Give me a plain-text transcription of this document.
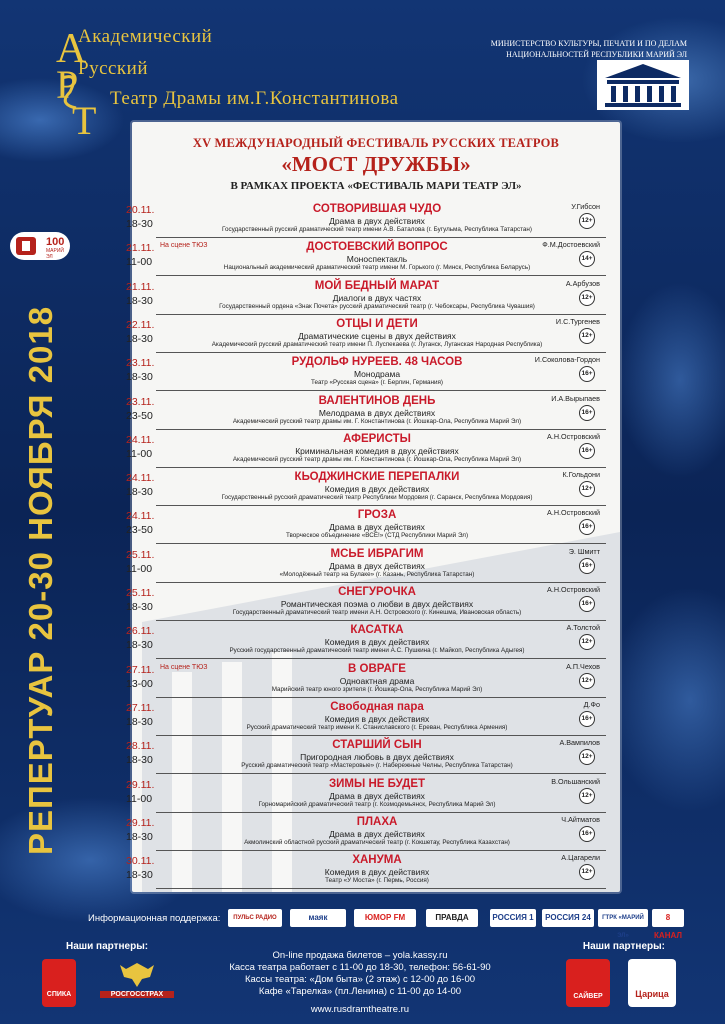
А
Р
Т
Академический
Русский
Театр Драмы им.Г.Константинова
МИНИСТЕРСТВО КУЛЬТУРЫ, ПЕЧАТИ И ПО ДЕЛАМ НАЦИОНАЛЬНОСТЕЙ РЕСПУБЛИКИ МАРИЙ ЭЛ
100
МАРИЙ ЭЛ
РЕПЕРТУАР 20-30 НОЯБРЯ 2018
XV МЕЖДУНАРОДНЫЙ ФЕСТИВАЛЬ РУССКИХ ТЕАТРОВ
«МОСТ ДРУЖБЫ»
В РАМКАХ ПРОЕКТА «ФЕСТИВАЛЬ МАРИ ТЕАТР ЭЛ»
20.11.
18-30
СОТВОРИВШАЯ ЧУДО
Драма в двух действиях
Государственный русский драматический театр имени А.В. Баталова (г. Бугульма, Республика Татарстан)
У.Гибсон
12+
21.11.
11-00
На сцене ТЮЗ	ДОСТОЕВСКИЙ ВОПРОС
Моноспектакль
Национальный академический драматический театр имени М. Горького (г. Минск, Республика Беларусь)
Ф.М.Достоевский
14+
21.11.
18-30
МОЙ БЕДНЫЙ МАРАТ
Диалоги в двух частях
Государственный ордена «Знак Почета» русский драматический театр (г. Чебоксары, Республика Чувашия)
А.Арбузов
12+
22.11.
18-30
ОТЦЫ И ДЕТИ
Драматические сцены в двух действиях
Академический русский драматический театр имени П. Луспекаева (г. Луганск, Луганская Народная Республика)
И.С.Тургенев
12+
23.11.
18-30
РУДОЛЬФ НУРЕЕВ. 48 ЧАСОВ
Монодрама
Театр «Русская сцена» (г. Берлин, Германия)
И.Соколова-Гордон
16+
23.11.
23-50
ВАЛЕНТИНОВ ДЕНЬ
Мелодрама в двух действиях
Академический русский театр драмы им. Г. Константинова (г. Йошкар-Ола, Республика Марий Эл)
И.А.Вырыпаев
16+
24.11.
11-00
АФЕРИСТЫ
Криминальная комедия в двух действиях
Академический русский театр драмы им. Г. Константинова (г. Йошкар-Ола, Республика Марий Эл)
А.Н.Островский
16+
24.11.
18-30
КЬОДЖИНСКИЕ ПЕРЕПАЛКИ
Комедия в двух действиях
Государственный русский драматический театр Республики Мордовия (г. Саранск, Республика Мордовия)
К.Гольдони
12+
24.11.
23-50
ГРОЗА
Драма в двух действиях
Творческое объединение «ВСЁ!» (СТД Республики Марий Эл)
А.Н.Островский
16+
25.11.
11-00
МСЬЕ ИБРАГИМ
Драма в двух действиях
«Молодёжный театр на Булаке» (г. Казань, Республика Татарстан)
Э. Шмитт
16+
25.11.
18-30
СНЕГУРОЧКА
Романтическая поэма о любви в двух действиях
Государственный драматический театр имени А.Н. Островского (г. Кинешма, Ивановская область)
А.Н.Островский
16+
26.11.
18-30
КАСАТКА
Комедия в двух действиях
Русский государственный драматический театр имени А.С. Пушкина (г. Майкоп, Республика Адыгея)
А.Толстой
12+
27.11.
13-00
На сцене ТЮЗ	В ОВРАГЕ
Одноактная драма
Марийский театр юного зрителя (г. Йошкар-Ола, Республика Марий Эл)
А.П.Чехов
12+
27.11.
18-30
Свободная пара
Комедия в двух действиях
Русский драматический театр имени К. Станиславского (г. Ереван, Республика Армения)
Д.Фо
16+
28.11.
18-30
СТАРШИЙ СЫН
Пригородная любовь в двух действиях
Русский драматический театр «Мастеровые» (г. Набережные Челны, Республика Татарстан)
А.Вампилов
12+
29.11.
11-00
ЗИМЫ НЕ БУДЕТ
Драма в двух действиях
Горномарийский драматический театр (г. Козмодемьянск, Республика Марий Эл)
В.Ольшанский
12+
29.11.
18-30
ПЛАХА
Драма в двух действиях
Акмолинский областной русский драматический театр (г. Кокшетау, Республика Казахстан)
Ч.Айтматов
16+
30.11.
18-30
ХАНУМА
Комедия в двух действиях
Театр «У Моста» (г. Пермь, Россия)
А.Цагарели
12+
Информационная поддержка:	ПУЛЬС РАДИО	маяк	ЮМОР FM	ПРАВДА	РОССИЯ 1	РОССИЯ 24	ГТРК «МАРИЙ ЭЛ»
8 КАНАЛ
Наши партнеры:	Наши партнеры:
СПИКА	РОСГОССТРАХ	САЙВЕР	Царица
On-line продажа билетов – yola.kassy.ru
Касса театра работает с 11-00 до 18-30, телефон: 56-61-90
Кассы театра: «Дом быта» (2 этаж) с 12-00 до 16-00
Кафе «Тарелка» (пл.Ленина) с 11-00 до 14-00
www.rusdramtheatre.ru
